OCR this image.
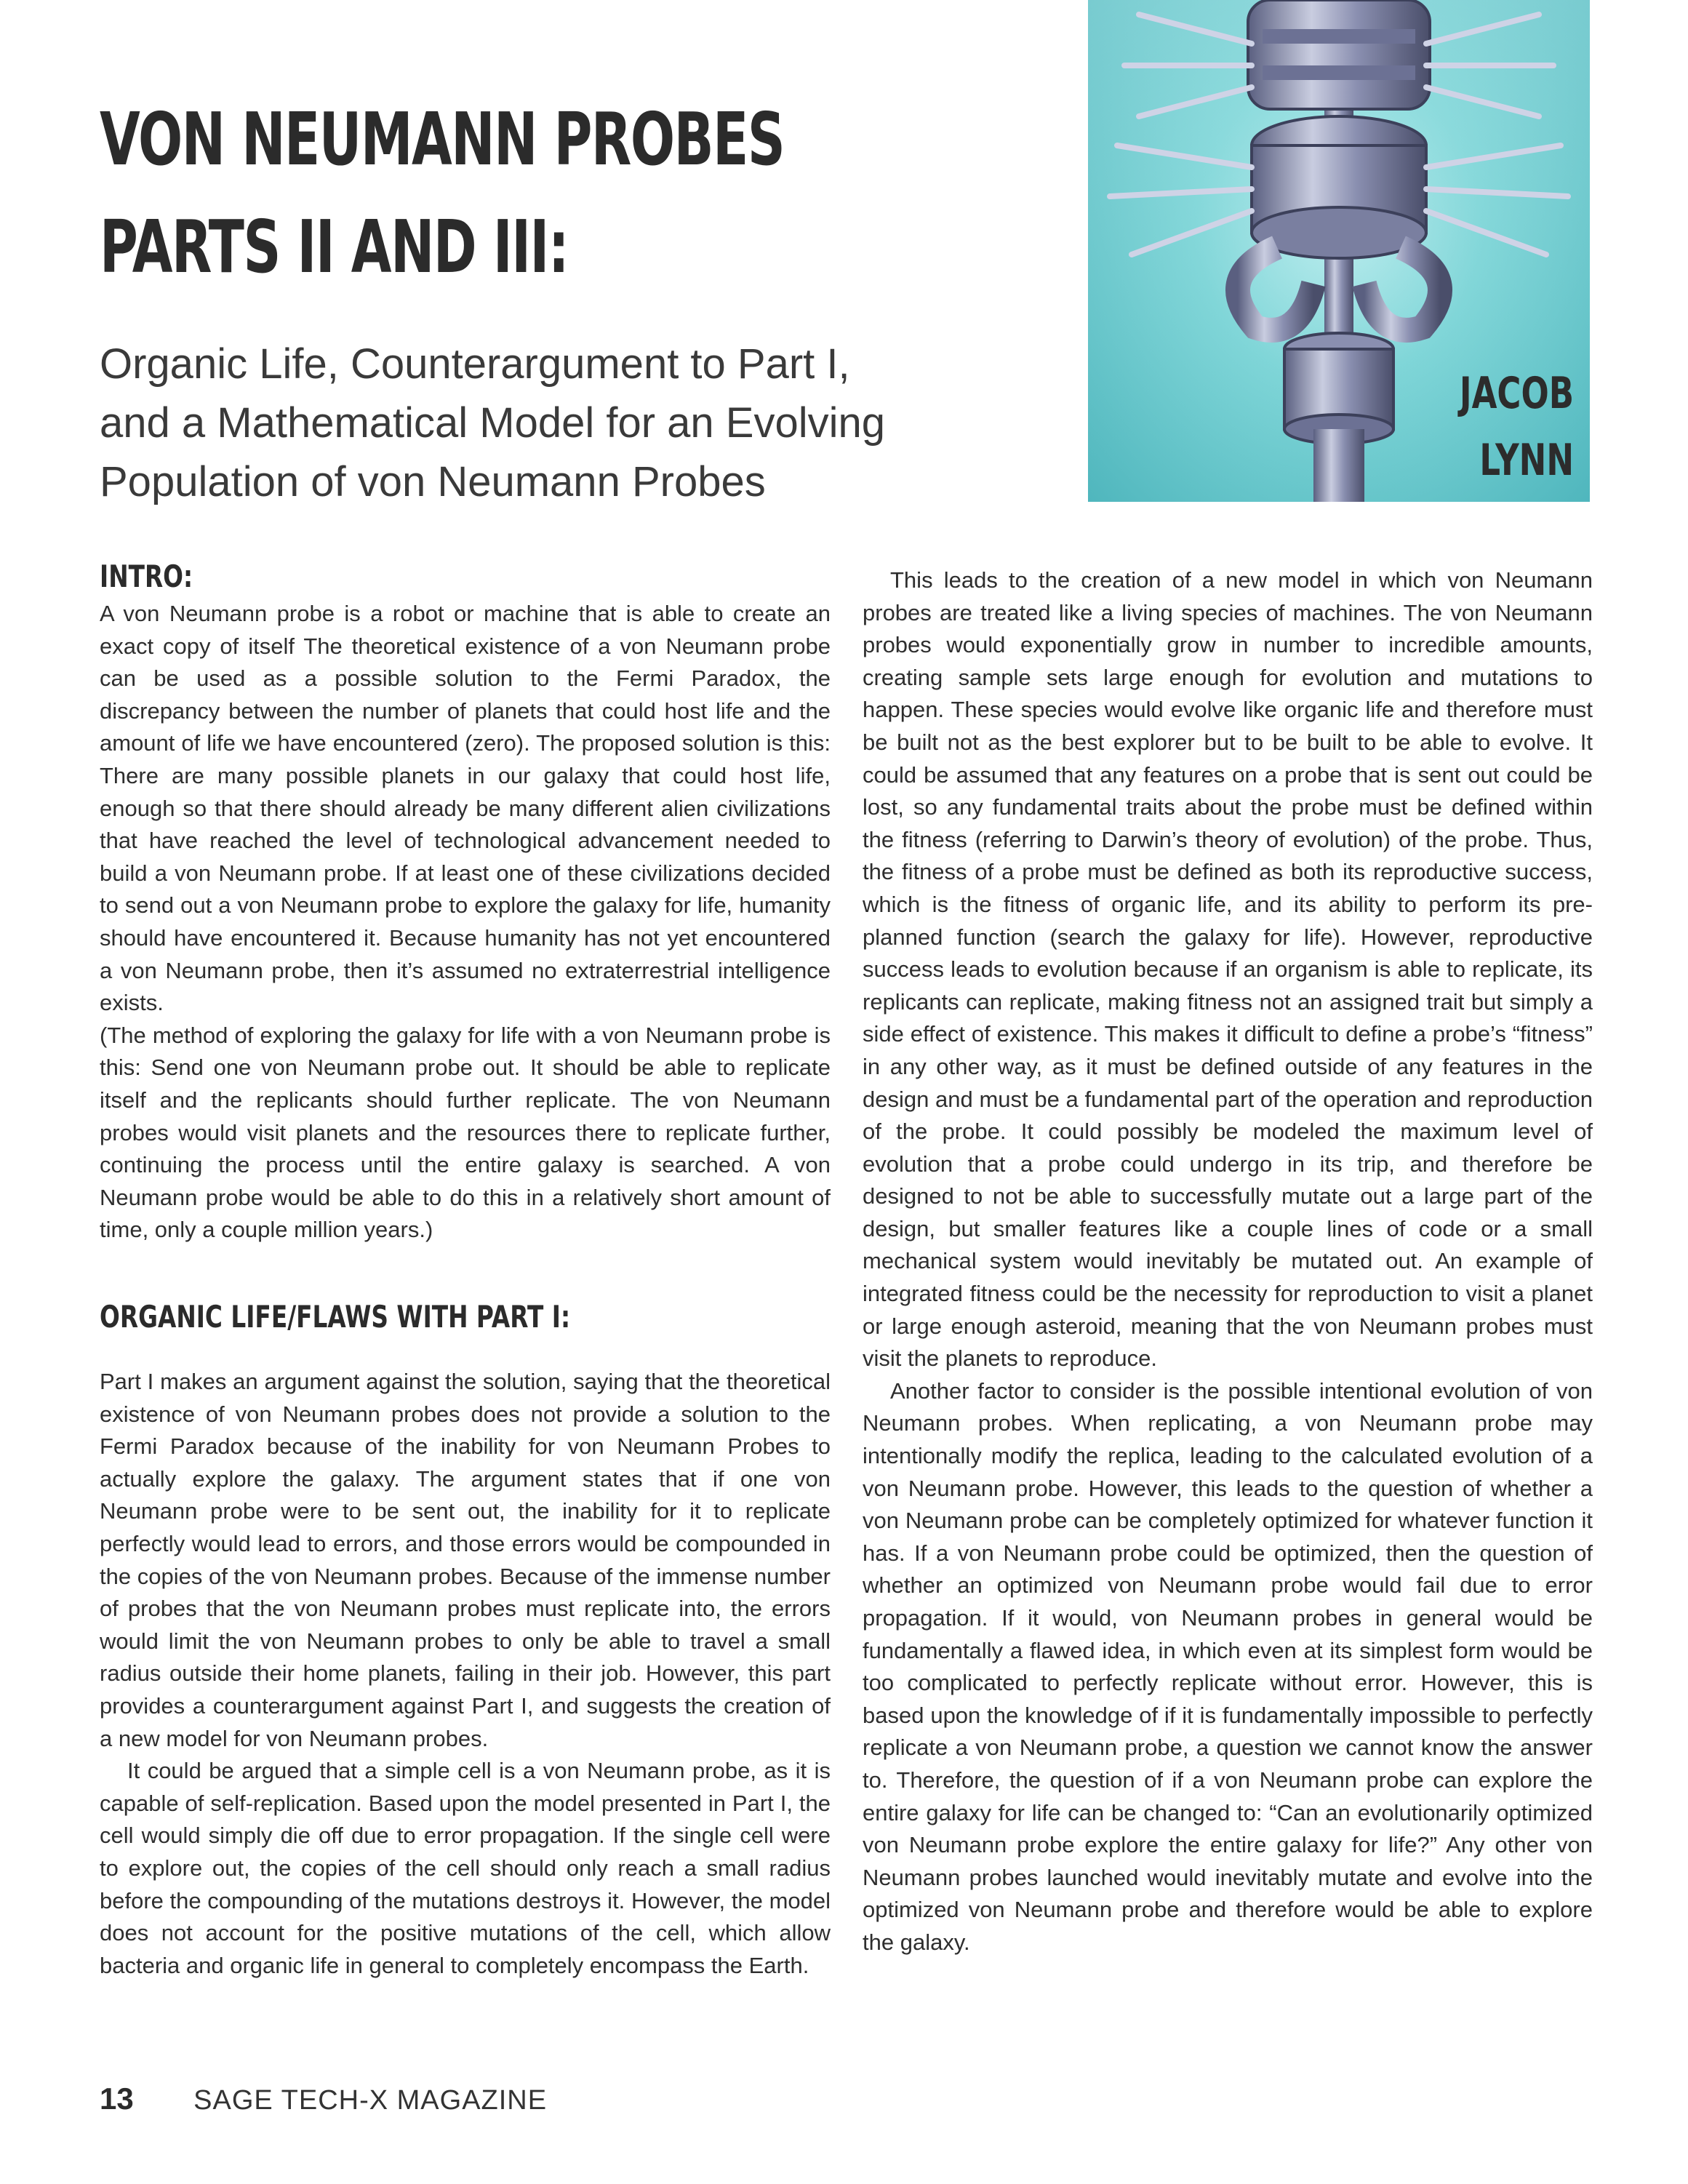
VON NEUMANN PROBES
PARTS II AND III:
Organic Life, Counterargument to Part I,
and a Mathematical Model for an Evolving
Population of von Neumann Probes
JACOB
LYNN
INTRO:

A von Neumann probe is a robot or machine that is able to create an exact copy of itself The theoretical existence of a von Neumann probe can be used as a possible solution to the Fermi Paradox, the discrepancy between the number of planets that could host life and the amount of life we have encountered (zero). The proposed solution is this: There are many possible planets in our galaxy that could host life, enough so that there should already be many different alien civilizations that have reached the level of technological advancement needed to build a von Neumann probe. If at least one of these civilizations decided to send out a von Neumann probe to explore the galaxy for life, humanity should have encountered it. Because humanity has not yet encountered a von Neumann probe, then it’s assumed no extraterrestrial intelligence exists.

(The method of exploring the galaxy for life with a von Neumann probe is this: Send one von Neumann probe out. It should be able to replicate itself and the replicants should further replicate. The von Neumann probes would visit planets and the resources there to replicate further, continuing the process until the entire galaxy is searched. A von Neumann probe would be able to do this in a relatively short amount of time, only a couple million years.)

ORGANIC LIFE/FLAWS WITH PART I:

Part I makes an argument against the solution, saying that the theoretical existence of von Neumann probes does not provide a solution to the Fermi Paradox because of the inability for von Neumann Probes to actually explore the galaxy. The argument states that if one von Neumann probe were to be sent out, the inability for it to replicate perfectly would lead to errors, and those errors would be compounded in the copies of the von Neumann probes. Because of the immense number of probes that the von Neumann probes must replicate into, the errors would limit the von Neumann probes to only be able to travel a small radius outside their home planets, failing in their job. However, this part provides a counterargument against Part I, and suggests the creation of a new model for von Neumann probes.

It could be argued that a simple cell is a von Neumann probe, as it is capable of self-replication. Based upon the model presented in Part I, the cell would simply die off due to error propagation. If the single cell were to explore out, the copies of the cell should only reach a small radius before the compounding of the mutations destroys it. However, the model does not account for the positive mutations of the cell, which allow bacteria and organic life in general to completely encompass the Earth.

This leads to the creation of a new model in which von Neumann probes are treated like a living species of machines. The von Neumann probes would exponentially grow in number to incredible amounts, creating sample sets large enough for evolution and mutations to happen. These species would evolve like organic life and therefore must be built not as the best explorer but to be built to be able to evolve. It could be assumed that any features on a probe that is sent out could be lost, so any fundamental traits about the probe must be defined within the fitness (referring to Darwin’s theory of evolution) of the probe. Thus, the fitness of a probe must be defined as both its reproductive success, which is the fitness of organic life, and its ability to perform its pre-planned function (search the galaxy for life). However, reproductive success leads to evolution because if an organism is able to replicate, its replicants can replicate, making fitness not an assigned trait but simply a side effect of existence. This makes it difficult to define a probe’s “fitness” in any other way, as it must be defined outside of any features in the design and must be a fundamental part of the operation and reproduction of the probe. It could possibly be modeled the maximum level of evolution that a probe could undergo in its trip, and therefore be designed to not be able to successfully mutate out a large part of the design, but smaller features like a couple lines of code or a small mechanical system would inevitably be mutated out. An example of integrated fitness could be the necessity for reproduction to visit a planet or large enough asteroid, meaning that the von Neumann probes must visit the planets to reproduce.

Another factor to consider is the possible intentional evolution of von Neumann probes. When replicating, a von Neumann probe may intentionally modify the replica, leading to the calculated evolution of a von Neumann probe. However, this leads to the question of whether a von Neumann probe can be completely optimized for whatever function it has. If a von Neumann probe could be optimized, then the question of whether an optimized von Neumann probe would fail due to error propagation. If it would, von Neumann probes in general would be fundamentally a flawed idea, in which even at its simplest form would be too complicated to perfectly replicate without error. However, this is based upon the knowledge of if it is fundamentally impossible to perfectly replicate a von Neumann probe, a question we cannot know the answer to. Therefore, the question of if a von Neumann probe can explore the entire galaxy for life can be changed to: “Can an evolutionarily optimized von Neumann probe explore the entire galaxy for life?” Any other von Neumann probes launched would inevitably mutate and evolve into the optimized von Neumann probe and therefore would be able to explore the galaxy.

13 SAGE TECH-X MAGAZINE
